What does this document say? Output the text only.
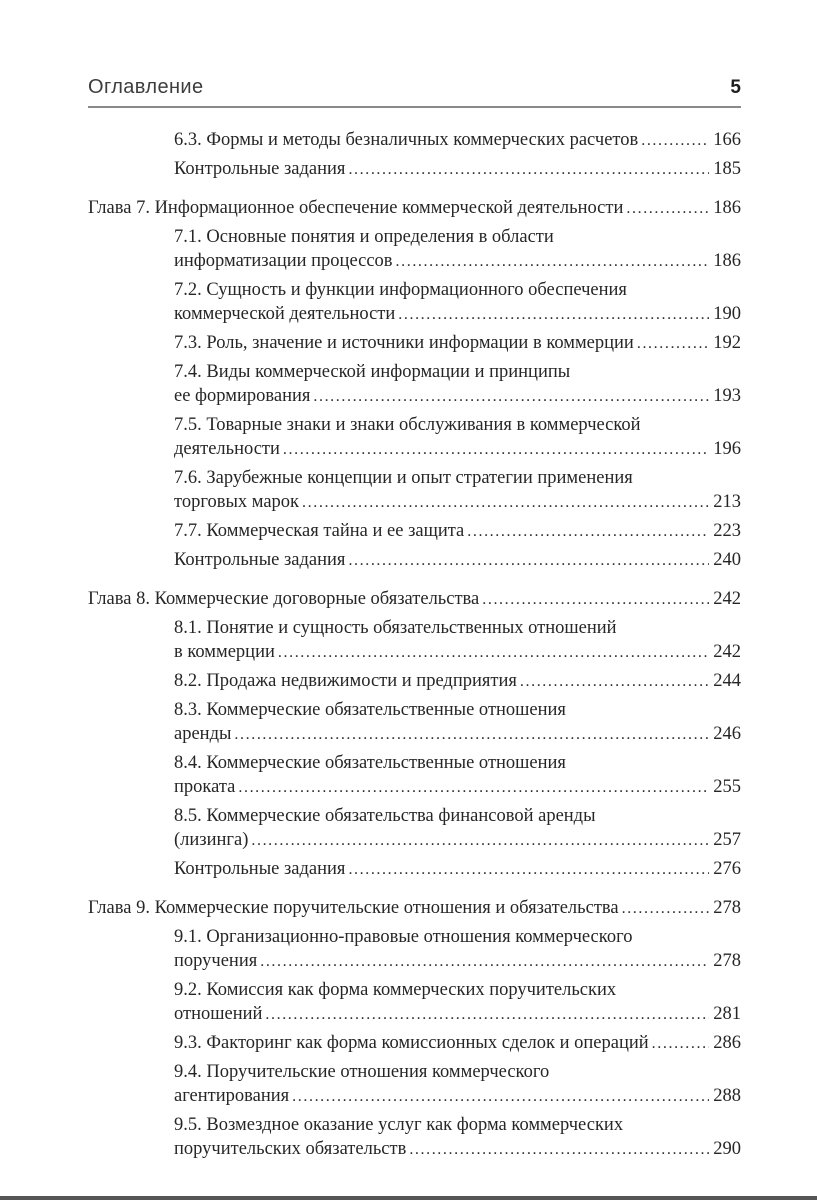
Оглавление	5
6.3. Формы и методы безналичных коммерческих расчетов .....	166
Контрольные задания .....	185
Глава 7. Информационное обеспечение коммерческой деятельности .....	186
7.1. Основные понятия и определения в области
информатизации процессов .....	186
7.2. Сущность и функции информационного обеспечения
коммерческой деятельности .....	190
7.3. Роль, значение и источники информации в коммерции .....	192
7.4. Виды коммерческой информации и принципы
ее формирования .....	193
7.5. Товарные знаки и знаки обслуживания в коммерческой
деятельности .....	196
7.6. Зарубежные концепции и опыт стратегии применения
торговых марок .....	213
7.7. Коммерческая тайна и ее защита .....	223
Контрольные задания .....	240
Глава 8. Коммерческие договорные обязательства .....	242
8.1. Понятие и сущность обязательственных отношений
в коммерции .....	242
8.2. Продажа недвижимости и предприятия .....	244
8.3. Коммерческие обязательственные отношения
аренды .....	246
8.4. Коммерческие обязательственные отношения
проката .....	255
8.5. Коммерческие обязательства финансовой аренды
(лизинга) .....	257
Контрольные задания .....	276
Глава 9. Коммерческие поручительские отношения и обязательства .....	278
9.1. Организационно-правовые отношения коммерческого
поручения .....	278
9.2. Комиссия как форма коммерческих поручительских
отношений .....	281
9.3. Факторинг как форма комиссионных сделок и операций .....	286
9.4. Поручительские отношения коммерческого
агентирования .....	288
9.5. Возмездное оказание услуг как форма коммерческих
поручительских обязательств .....	290
